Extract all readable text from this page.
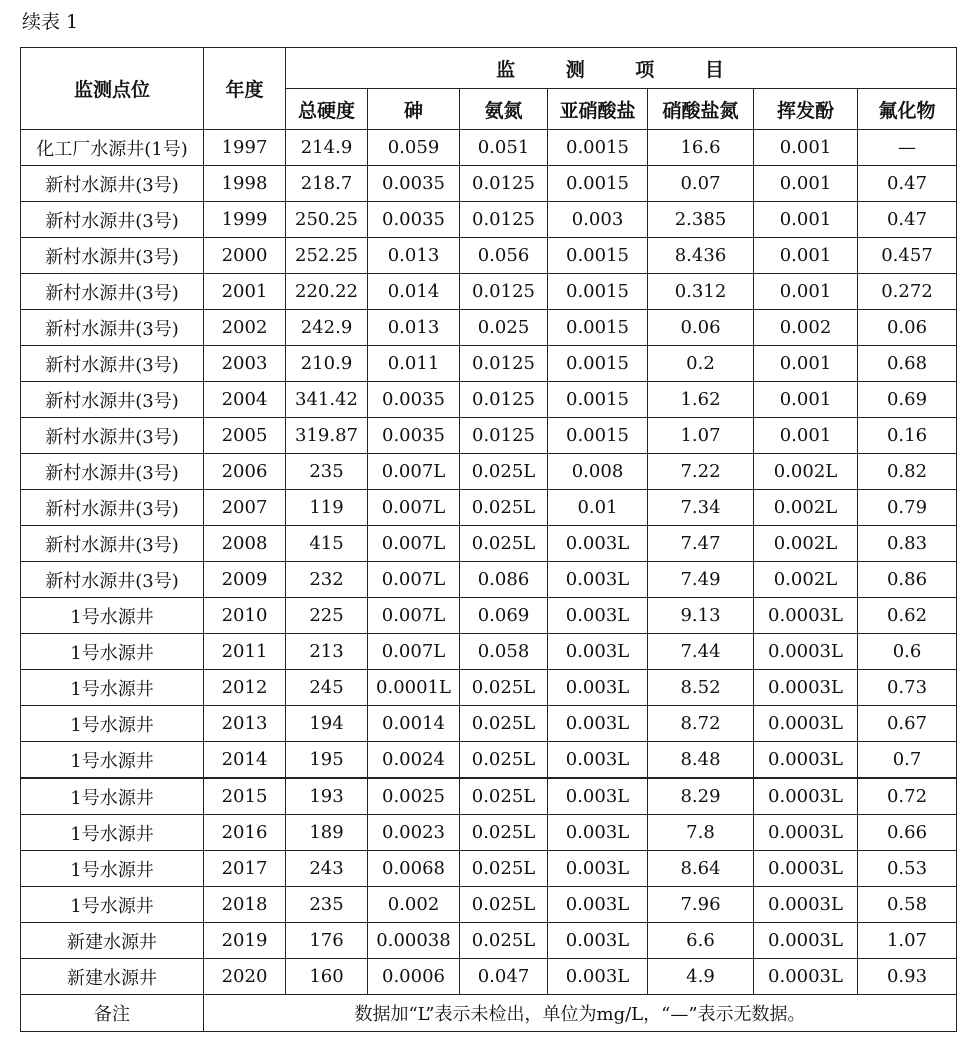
续表 1
监测点位	年度	监 测 项 目						
		总硬度	砷	氨氮	亚硝酸盐	硝酸盐氮	挥发酚	氟化物
化工厂水源井(1号)	1997	214.9	0.059	0.051	0.0015	16.6	0.001	—
新村水源井(3号)	1998	218.7	0.0035	0.0125	0.0015	0.07	0.001	0.47
新村水源井(3号)	1999	250.25	0.0035	0.0125	0.003	2.385	0.001	0.47
新村水源井(3号)	2000	252.25	0.013	0.056	0.0015	8.436	0.001	0.457
新村水源井(3号)	2001	220.22	0.014	0.0125	0.0015	0.312	0.001	0.272
新村水源井(3号)	2002	242.9	0.013	0.025	0.0015	0.06	0.002	0.06
新村水源井(3号)	2003	210.9	0.011	0.0125	0.0015	0.2	0.001	0.68
新村水源井(3号)	2004	341.42	0.0035	0.0125	0.0015	1.62	0.001	0.69
新村水源井(3号)	2005	319.87	0.0035	0.0125	0.0015	1.07	0.001	0.16
新村水源井(3号)	2006	235	0.007L	0.025L	0.008	7.22	0.002L	0.82
新村水源井(3号)	2007	119	0.007L	0.025L	0.01	7.34	0.002L	0.79
新村水源井(3号)	2008	415	0.007L	0.025L	0.003L	7.47	0.002L	0.83
新村水源井(3号)	2009	232	0.007L	0.086	0.003L	7.49	0.002L	0.86
1号水源井	2010	225	0.007L	0.069	0.003L	9.13	0.0003L	0.62
1号水源井	2011	213	0.007L	0.058	0.003L	7.44	0.0003L	0.6
1号水源井	2012	245	0.0001L	0.025L	0.003L	8.52	0.0003L	0.73
1号水源井	2013	194	0.0014	0.025L	0.003L	8.72	0.0003L	0.67
1号水源井	2014	195	0.0024	0.025L	0.003L	8.48	0.0003L	0.7
1号水源井	2015	193	0.0025	0.025L	0.003L	8.29	0.0003L	0.72
1号水源井	2016	189	0.0023	0.025L	0.003L	7.8	0.0003L	0.66
1号水源井	2017	243	0.0068	0.025L	0.003L	8.64	0.0003L	0.53
1号水源井	2018	235	0.002	0.025L	0.003L	7.96	0.0003L	0.58
新建水源井	2019	176	0.00038	0.025L	0.003L	6.6	0.0003L	1.07
新建水源井	2020	160	0.0006	0.047	0.003L	4.9	0.0003L	0.93
备注	数据加“L”表示未检出，单位为mg/L，“—”表示无数据。							
